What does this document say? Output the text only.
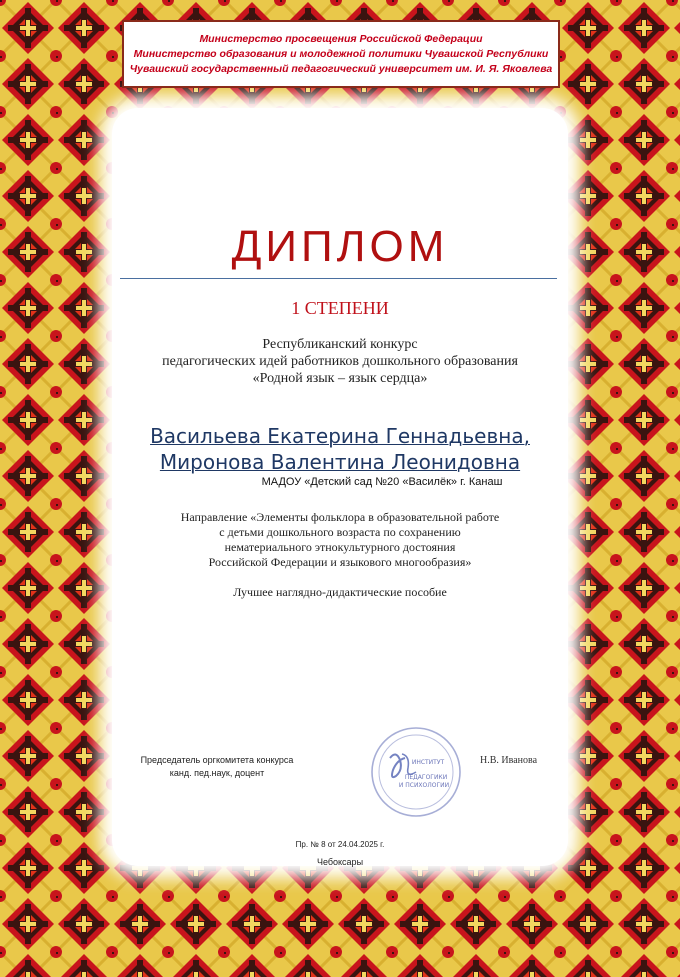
Министерство просвещения Российской Федерации
Министерство образования и молодежной политики Чувашской Республики
Чувашский государственный педагогический университет им. И. Я. Яковлева
ДИПЛОМ
1 СТЕПЕНИ
Республиканский конкурс
педагогических идей работников дошкольного образования
«Родной язык – язык сердца»
Васильева Екатерина Геннадьевна,
Миронова Валентина Леонидовна
МАДОУ «Детский сад №20 «Василёк» г. Канаш
Направление «Элементы фольклора в образовательной работе
с детьми дошкольного возраста по сохранению
нематериального этнокультурного достояния
Российской Федерации и языкового многообразия»
Лучшее наглядно-дидактические пособие
Председатель оргкомитета конкурса
канд. пед.наук, доцент
ИНСТИТУТ
ПЕДАГОГИКИ
И ПСИХОЛОГИИ
Н.В. Иванова
Пр. № 8 от 24.04.2025 г.
Чебоксары
